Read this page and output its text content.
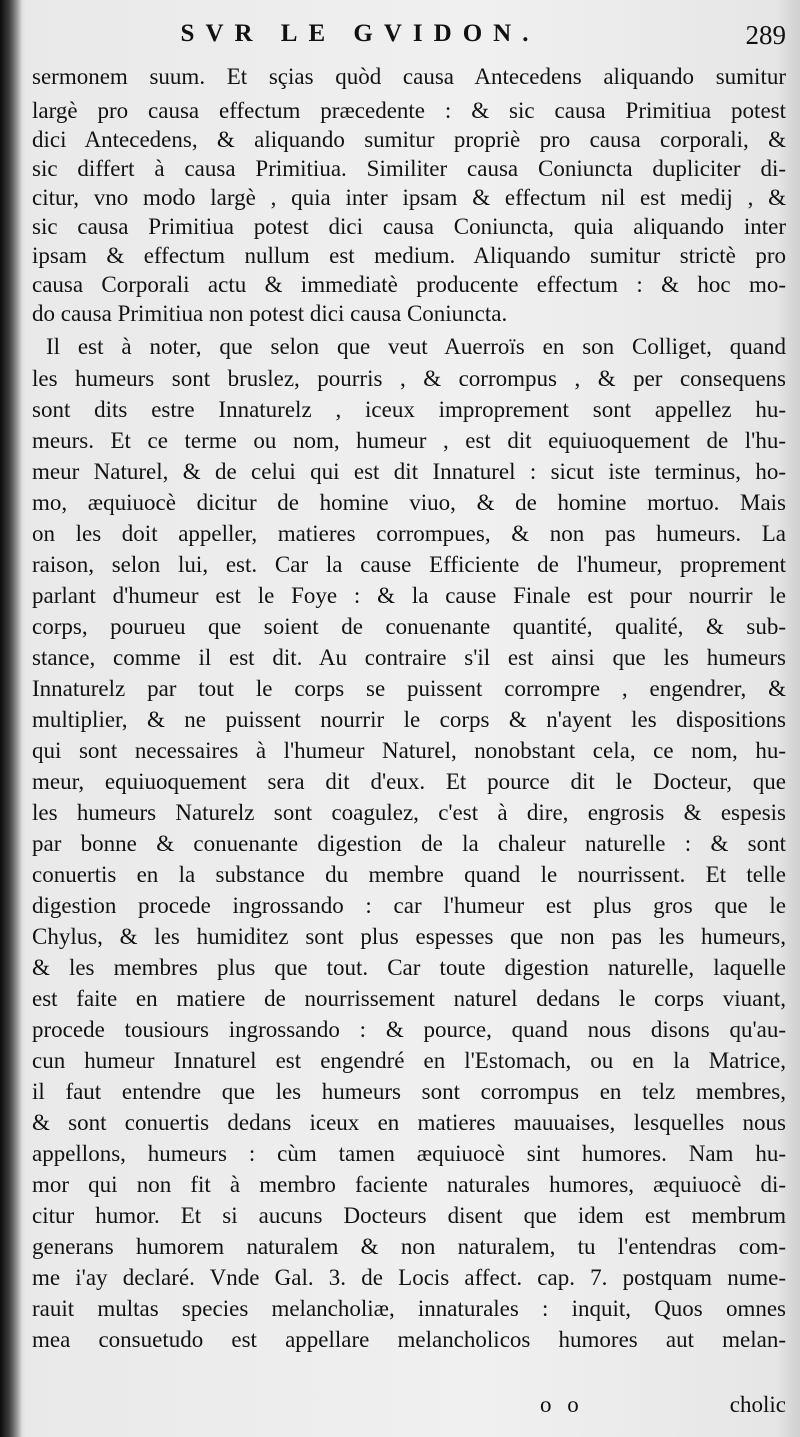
SVR LE GVIDON.	289
sermonem suum. Et sçias quòd causa Antecedens aliquando sumitur
largè pro causa effectum præcedente : & sic causa Primitiua potest
dici Antecedens, & aliquando sumitur propriè pro causa corporali, &
sic differt à causa Primitiua. Similiter causa Coniuncta dupliciter di-
citur, vno modo largè , quia inter ipsam & effectum nil est medij , &
sic causa Primitiua potest dici causa Coniuncta, quia aliquando inter
ipsam & effectum nullum est medium. Aliquando sumitur strictè pro
causa Corporali actu & immediatè producente effectum : & hoc mo-
do causa Primitiua non potest dici causa Coniuncta.
Il est à noter, que selon que veut Auerroïs en son Colliget, quand
les humeurs sont bruslez, pourris , & corrompus , & per consequens
sont dits estre Innaturelz , iceux improprement sont appellez hu-
meurs. Et ce terme ou nom, humeur , est dit equiuoquement de l'hu-
meur Naturel, & de celui qui est dit Innaturel : sicut iste terminus, ho-
mo, æquiuocè dicitur de homine viuo, & de homine mortuo. Mais
on les doit appeller, matieres corrompues, & non pas humeurs. La
raison, selon lui, est. Car la cause Efficiente de l'humeur, proprement
parlant d'humeur est le Foye : & la cause Finale est pour nourrir le
corps, pourueu que soient de conuenante quantité, qualité, & sub-
stance, comme il est dit. Au contraire s'il est ainsi que les humeurs
Innaturelz par tout le corps se puissent corrompre , engendrer, &
multiplier, & ne puissent nourrir le corps & n'ayent les dispositions
qui sont necessaires à l'humeur Naturel, nonobstant cela, ce nom, hu-
meur, equiuoquement sera dit d'eux. Et pource dit le Docteur, que
les humeurs Naturelz sont coagulez, c'est à dire, engrosis & espesis
par bonne & conuenante digestion de la chaleur naturelle : & sont
conuertis en la substance du membre quand le nourrissent. Et telle
digestion procede ingrossando : car l'humeur est plus gros que le
Chylus, & les humiditez sont plus espesses que non pas les humeurs,
& les membres plus que tout. Car toute digestion naturelle, laquelle
est faite en matiere de nourrissement naturel dedans le corps viuant,
procede tousiours ingrossando : & pource, quand nous disons qu'au-
cun humeur Innaturel est engendré en l'Estomach, ou en la Matrice,
il faut entendre que les humeurs sont corrompus en telz membres,
& sont conuertis dedans iceux en matieres mauuaises, lesquelles nous
appellons, humeurs : cùm tamen æquiuocè sint humores. Nam hu-
mor qui non fit à membro faciente naturales humores, æquiuocè di-
citur humor. Et si aucuns Docteurs disent que idem est membrum
generans humorem naturalem & non naturalem, tu l'entendras com-
me i'ay declaré. Vnde Gal. 3. de Locis affect. cap. 7. postquam nume-
rauit multas species melancholiæ, innaturales : inquit, Quos omnes
mea consuetudo est appellare melancholicos humores aut melan-
o o	cholic
